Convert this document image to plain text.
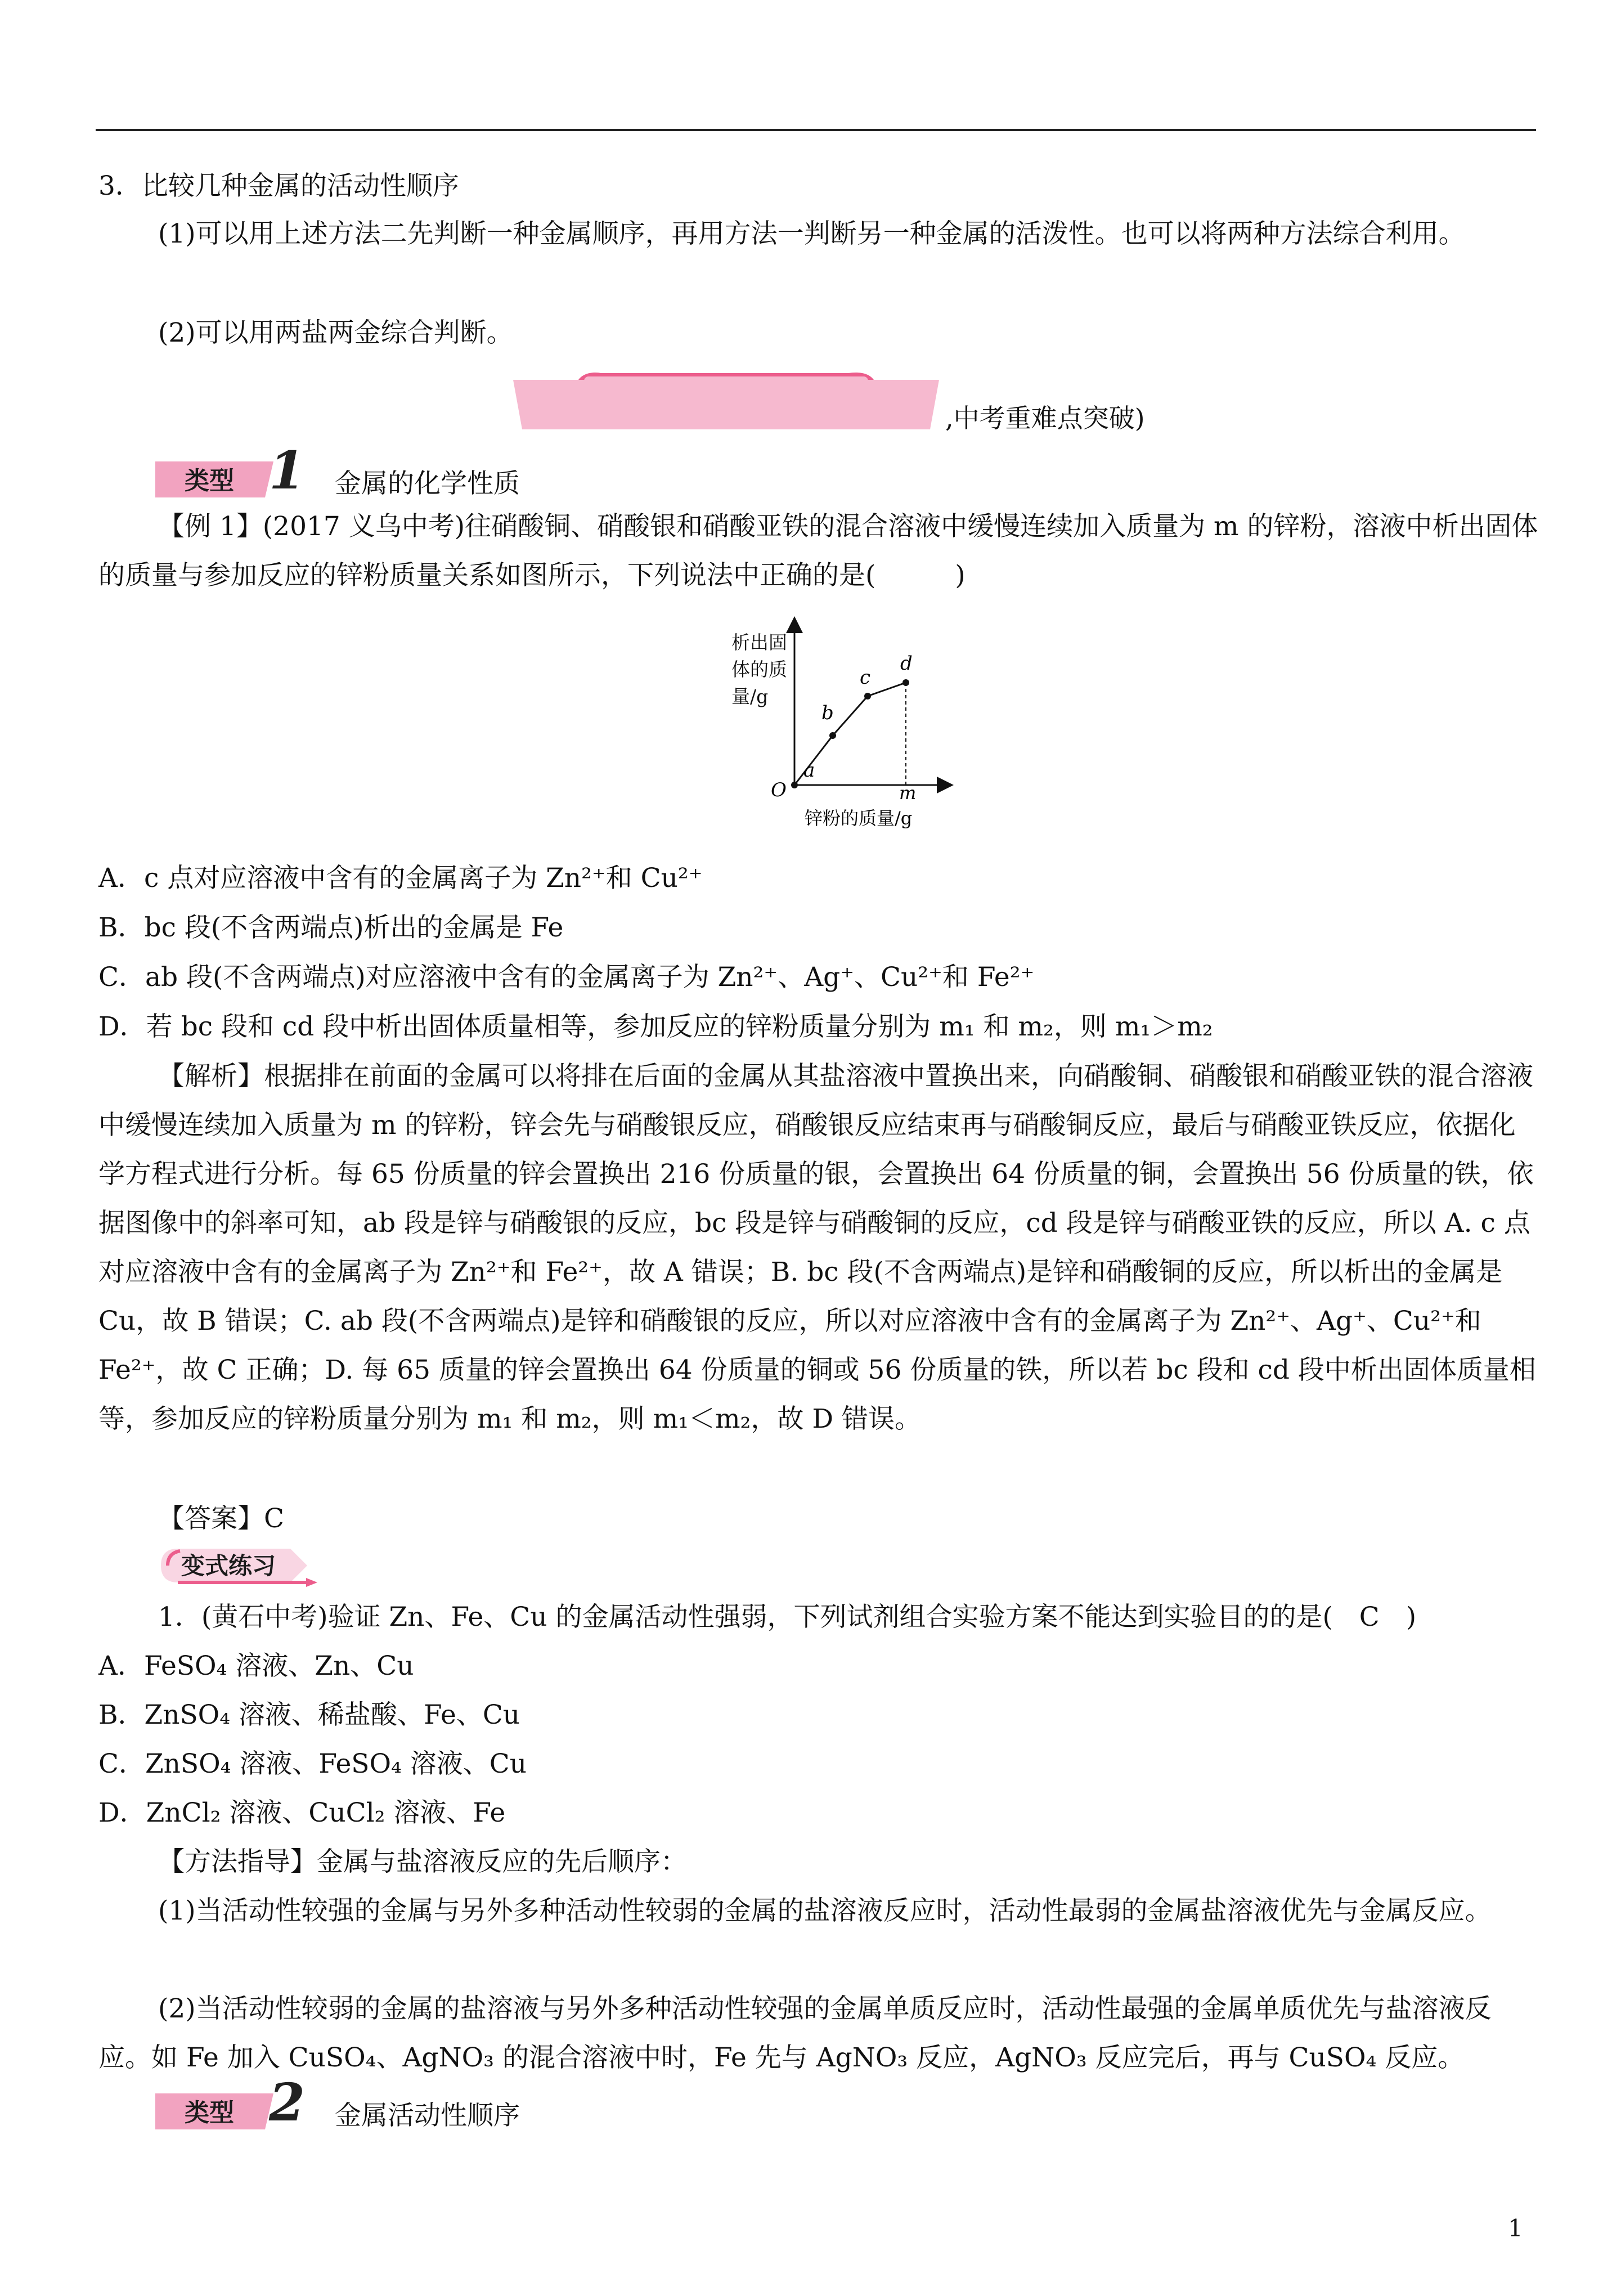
3．比较几种金属的活动性顺序

(1)可以用上述方法二先判断一种金属顺序，再用方法一判断另一种金属的活泼性。也可以将两种方法综合利用。

(2)可以用两盐两金综合判断。

,中考重难点突破)
类型 1 金属的化学性质

【例 1】(2017 义乌中考)往硝酸铜、硝酸银和硝酸亚铁的混合溶液中缓慢连续加入质量为 m 的锌粉，溶液中析出固体的质量与参加反应的锌粉质量关系如图所示，下列说法中正确的是(　　　)

a
b
c
d
O	m
锌粉的质量/g
析出固体的质量/g

A．c 点对应溶液中含有的金属离子为 Zn²⁺和 Cu²⁺

B．bc 段(不含两端点)析出的金属是 Fe

C．ab 段(不含两端点)对应溶液中含有的金属离子为 Zn²⁺、Ag⁺、Cu²⁺和 Fe²⁺

D．若 bc 段和 cd 段中析出固体质量相等，参加反应的锌粉质量分别为 m₁ 和 m₂，则 m₁＞m₂

【解析】根据排在前面的金属可以将排在后面的金属从其盐溶液中置换出来，向硝酸铜、硝酸银和硝酸亚铁的混合溶液中缓慢连续加入质量为 m 的锌粉，锌会先与硝酸银反应，硝酸银反应结束再与硝酸铜反应，最后与硝酸亚铁反应，依据化学方程式进行分析。每 65 份质量的锌会置换出 216 份质量的银，会置换出 64 份质量的铜，会置换出 56 份质量的铁，依据图像中的斜率可知，ab 段是锌与硝酸银的反应，bc 段是锌与硝酸铜的反应，cd 段是锌与硝酸亚铁的反应，所以 A. c 点对应溶液中含有的金属离子为 Zn²⁺和 Fe²⁺，故 A 错误；B. bc 段(不含两端点)是锌和硝酸铜的反应，所以析出的金属是 Cu，故 B 错误；C. ab 段(不含两端点)是锌和硝酸银的反应，所以对应溶液中含有的金属离子为 Zn²⁺、Ag⁺、Cu²⁺和 Fe²⁺，故 C 正确；D. 每 65 质量的锌会置换出 64 份质量的铜或 56 份质量的铁，所以若 bc 段和 cd 段中析出固体质量相等，参加反应的锌粉质量分别为 m₁ 和 m₂，则 m₁＜m₂，故 D 错误。

【答案】C

变式练习

1．(黄石中考)验证 Zn、Fe、Cu 的金属活动性强弱，下列试剂组合实验方案不能达到实验目的的是(　C　)

A．FeSO₄ 溶液、Zn、Cu

B．ZnSO₄ 溶液、稀盐酸、Fe、Cu

C．ZnSO₄ 溶液、FeSO₄ 溶液、Cu

D．ZnCl₂ 溶液、CuCl₂ 溶液、Fe

【方法指导】金属与盐溶液反应的先后顺序：

(1)当活动性较强的金属与另外多种活动性较弱的金属的盐溶液反应时，活动性最弱的金属盐溶液优先与金属反应。

(2)当活动性较弱的金属的盐溶液与另外多种活动性较强的金属单质反应时，活动性最强的金属单质优先与盐溶液反应。如 Fe 加入 CuSO₄、AgNO₃ 的混合溶液中时，Fe 先与 AgNO₃ 反应，AgNO₃ 反应完后，再与 CuSO₄ 反应。

类型 2 金属活动性顺序
1
